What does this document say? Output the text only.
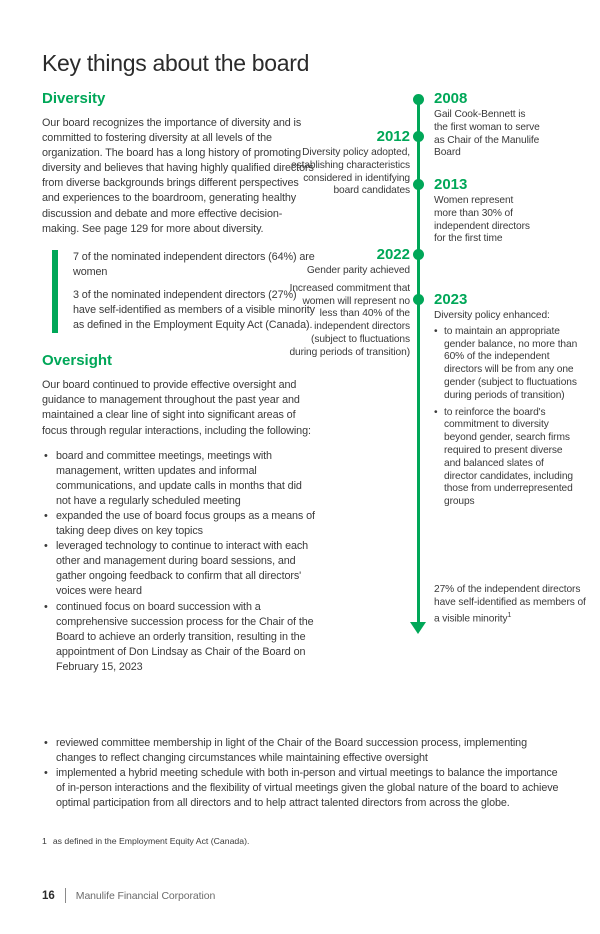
Key things about the board
Diversity

Our board recognizes the importance of diversity and is committed to fostering diversity at all levels of the organization. The board has a long history of promoting diversity and believes that having highly qualified directors from diverse backgrounds brings different perspectives and experiences to the boardroom, generating healthy discussion and debate and more effective decision-making. See page 129 for more about diversity.

7 of the nominated independent directors (64%) are women

3 of the nominated independent directors (27%) have self-identified as members of a visible minority as defined in the Employment Equity Act (Canada).

Oversight

Our board continued to provide effective oversight and guidance to management throughout the past year and maintained a clear line of sight into significant areas of focus through regular interactions, including the following:

• board and committee meetings, meetings with management, written updates and informal communications, and update calls in months that did not have a regularly scheduled meeting
• expanded the use of board focus groups as a means of taking deep dives on key topics
• leveraged technology to continue to interact with each other and management during board sessions, and gather ongoing feedback to confirm that all directors' voices were heard
• continued focus on board succession with a comprehensive succession process for the Chair of the Board to achieve an orderly transition, resulting in the appointment of Don Lindsay as Chair of the Board on February 15, 2023
• reviewed committee membership in light of the Chair of the Board succession process, implementing changes to reflect changing circumstances while maintaining effective oversight
• implemented a hybrid meeting schedule with both in-person and virtual meetings to balance the importance of in-person interactions and the flexibility of virtual meetings given the global nature of the board to achieve optimal participation from all directors and to help attract talented directors from across the globe.
2008
Gail Cook-Bennett is the first woman to serve as Chair of the Manulife Board
2012
Diversity policy adopted, establishing characteristics considered in identifying board candidates 2013
Women represent more than 30% of independent directors for the first time
2022

Gender parity achieved

Increased commitment that women will represent no less than 40% of the independent directors (subject to fluctuations during periods of transition)

2023
Diversity policy enhanced:
• to maintain an appropriate gender balance, no more than 60% of the independent directors will be from any one gender (subject to fluctuations during periods of transition)
• to reinforce the board's commitment to diversity beyond gender, search firms required to present diverse and balanced slates of director candidates, including those from underrepresented groups
27% of the independent directors have self-identified as members of a visible minority$^1$
1 as defined in the Employment Equity Act (Canada).
16 Manulife Financial Corporation
